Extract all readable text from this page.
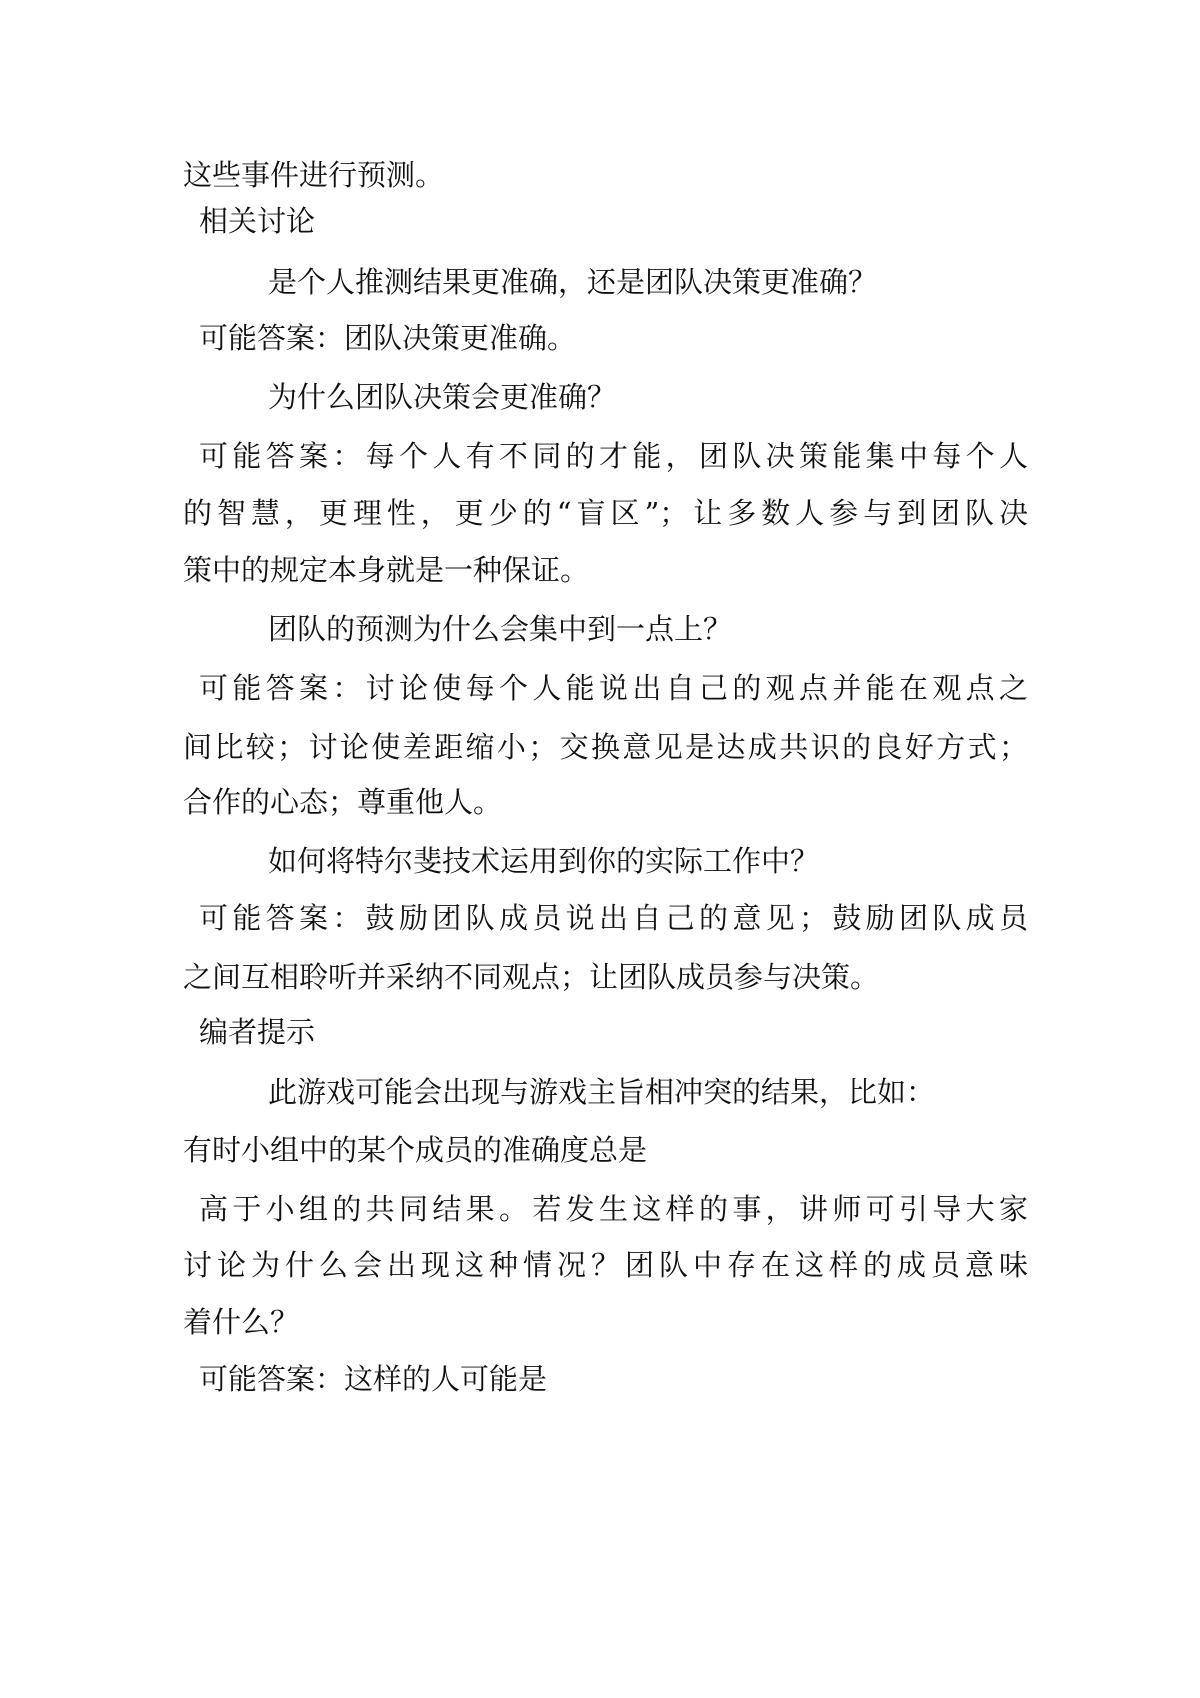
这些事件进行预测。
相关讨论
是个人推测结果更准确，还是团队决策更准确？
可能答案：团队决策更准确。
为什么团队决策会更准确？
可能答案：每个人有不同的才能，团队决策能集中每个人
的智慧，更理性，更少的“盲区”；让多数人参与到团队决
策中的规定本身就是一种保证。
团队的预测为什么会集中到一点上？
可能答案：讨论使每个人能说出自己的观点并能在观点之
间比较；讨论使差距缩小；交换意见是达成共识的良好方式；
合作的心态；尊重他人。
如何将特尔斐技术运用到你的实际工作中？
可能答案：鼓励团队成员说出自己的意见；鼓励团队成员
之间互相聆听并采纳不同观点；让团队成员参与决策。
编者提示
此游戏可能会出现与游戏主旨相冲突的结果，比如：
有时小组中的某个成员的准确度总是
高于小组的共同结果。若发生这样的事，讲师可引导大家
讨论为什么会出现这种情况？团队中存在这样的成员意味
着什么？
可能答案：这样的人可能是
